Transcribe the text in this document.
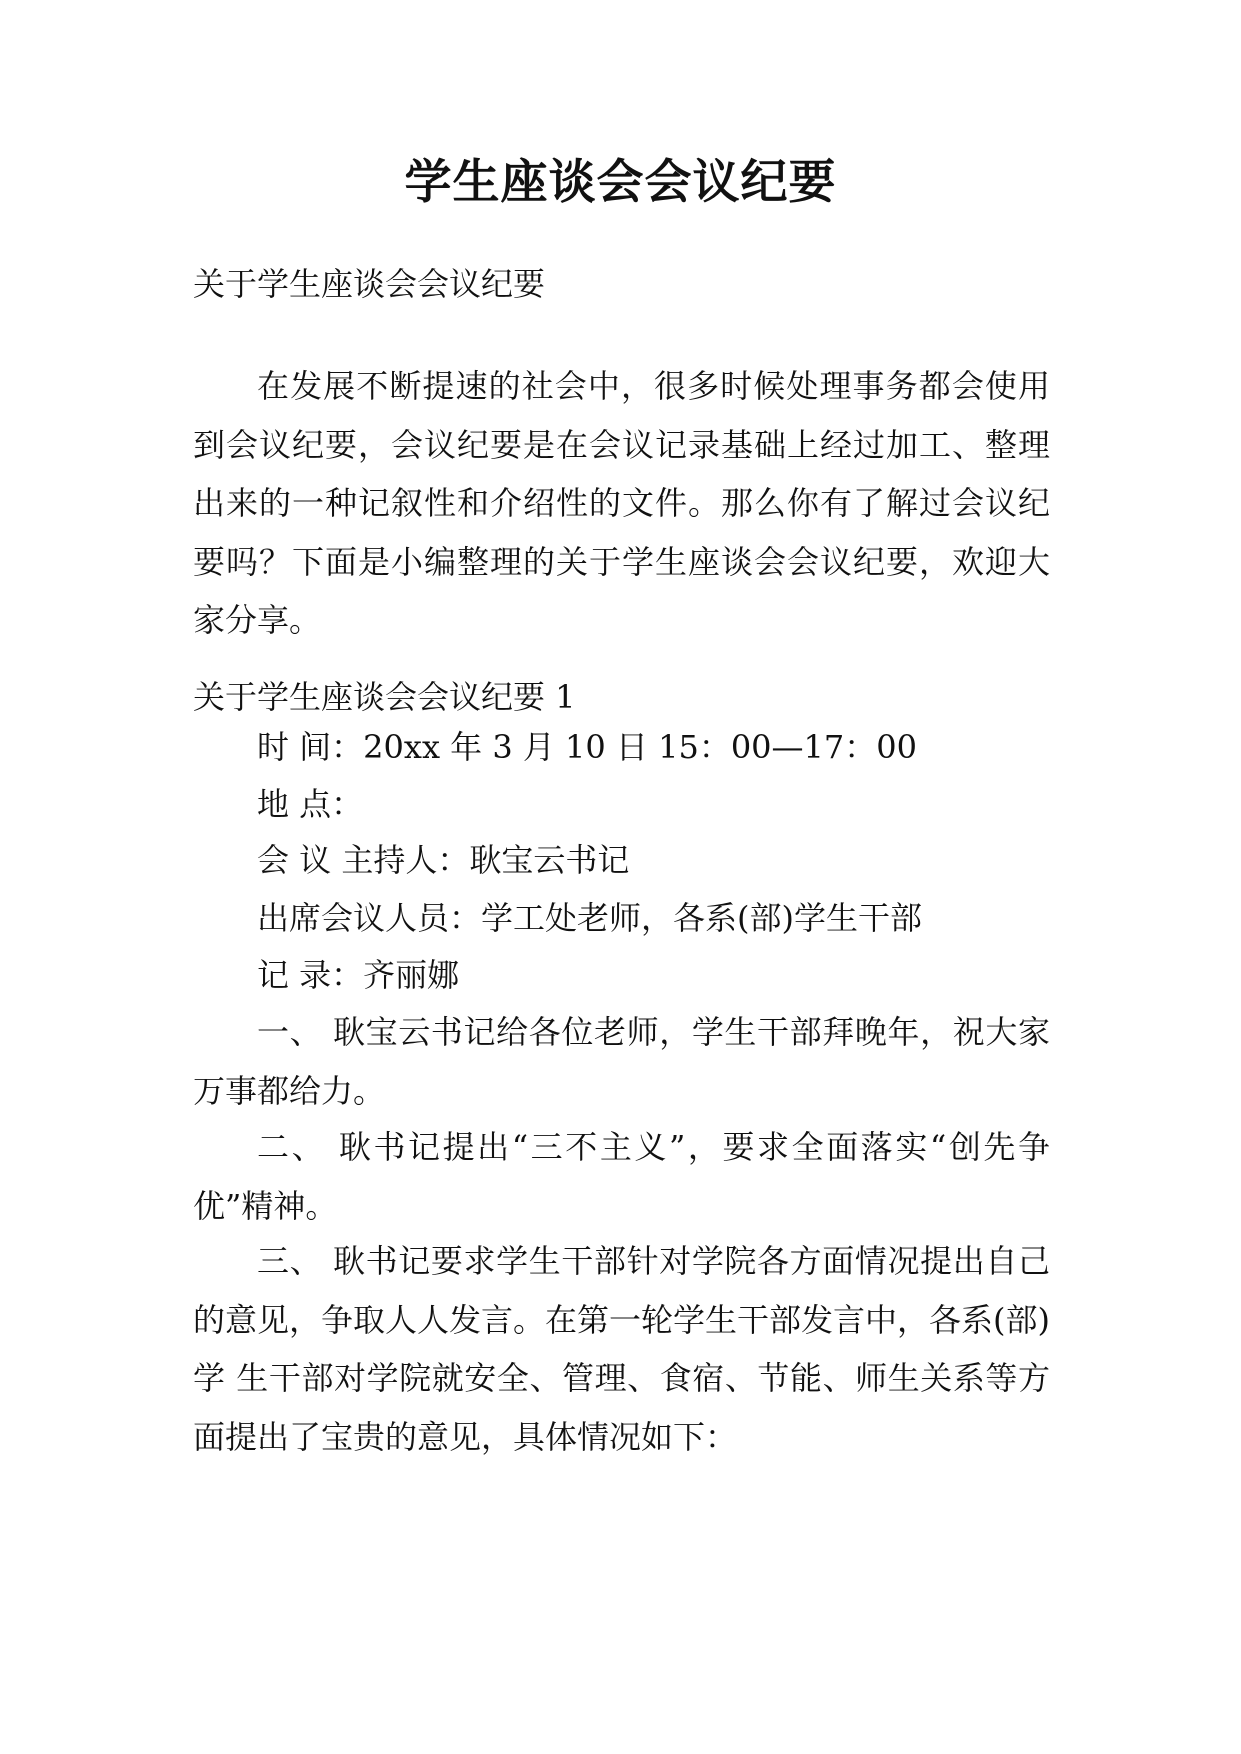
学生座谈会会议纪要

关于学生座谈会会议纪要

在发展不断提速的社会中，很多时候处理事务都会使用到会议纪要，会议纪要是在会议记录基础上经过加工、整理出来的一种记叙性和介绍性的文件。那么你有了解过会议纪要吗？下面是小编整理的关于学生座谈会会议纪要，欢迎大家分享。

关于学生座谈会会议纪要 1

时 间：20xx 年 3 月 10 日 15：00—17：00

地 点：

会 议 主持人：耿宝云书记

出席会议人员：学工处老师，各系(部)学生干部

记 录：齐丽娜

一、 耿宝云书记给各位老师，学生干部拜晚年，祝大家万事都给力。

二、 耿书记提出“三不主义”，要求全面落实“创先争优”精神。

三、 耿书记要求学生干部针对学院各方面情况提出自己的意见，争取人人发言。在第一轮学生干部发言中，各系(部)学 生干部对学院就安全、管理、食宿、节能、师生关系等方面提出了宝贵的意见，具体情况如下：
